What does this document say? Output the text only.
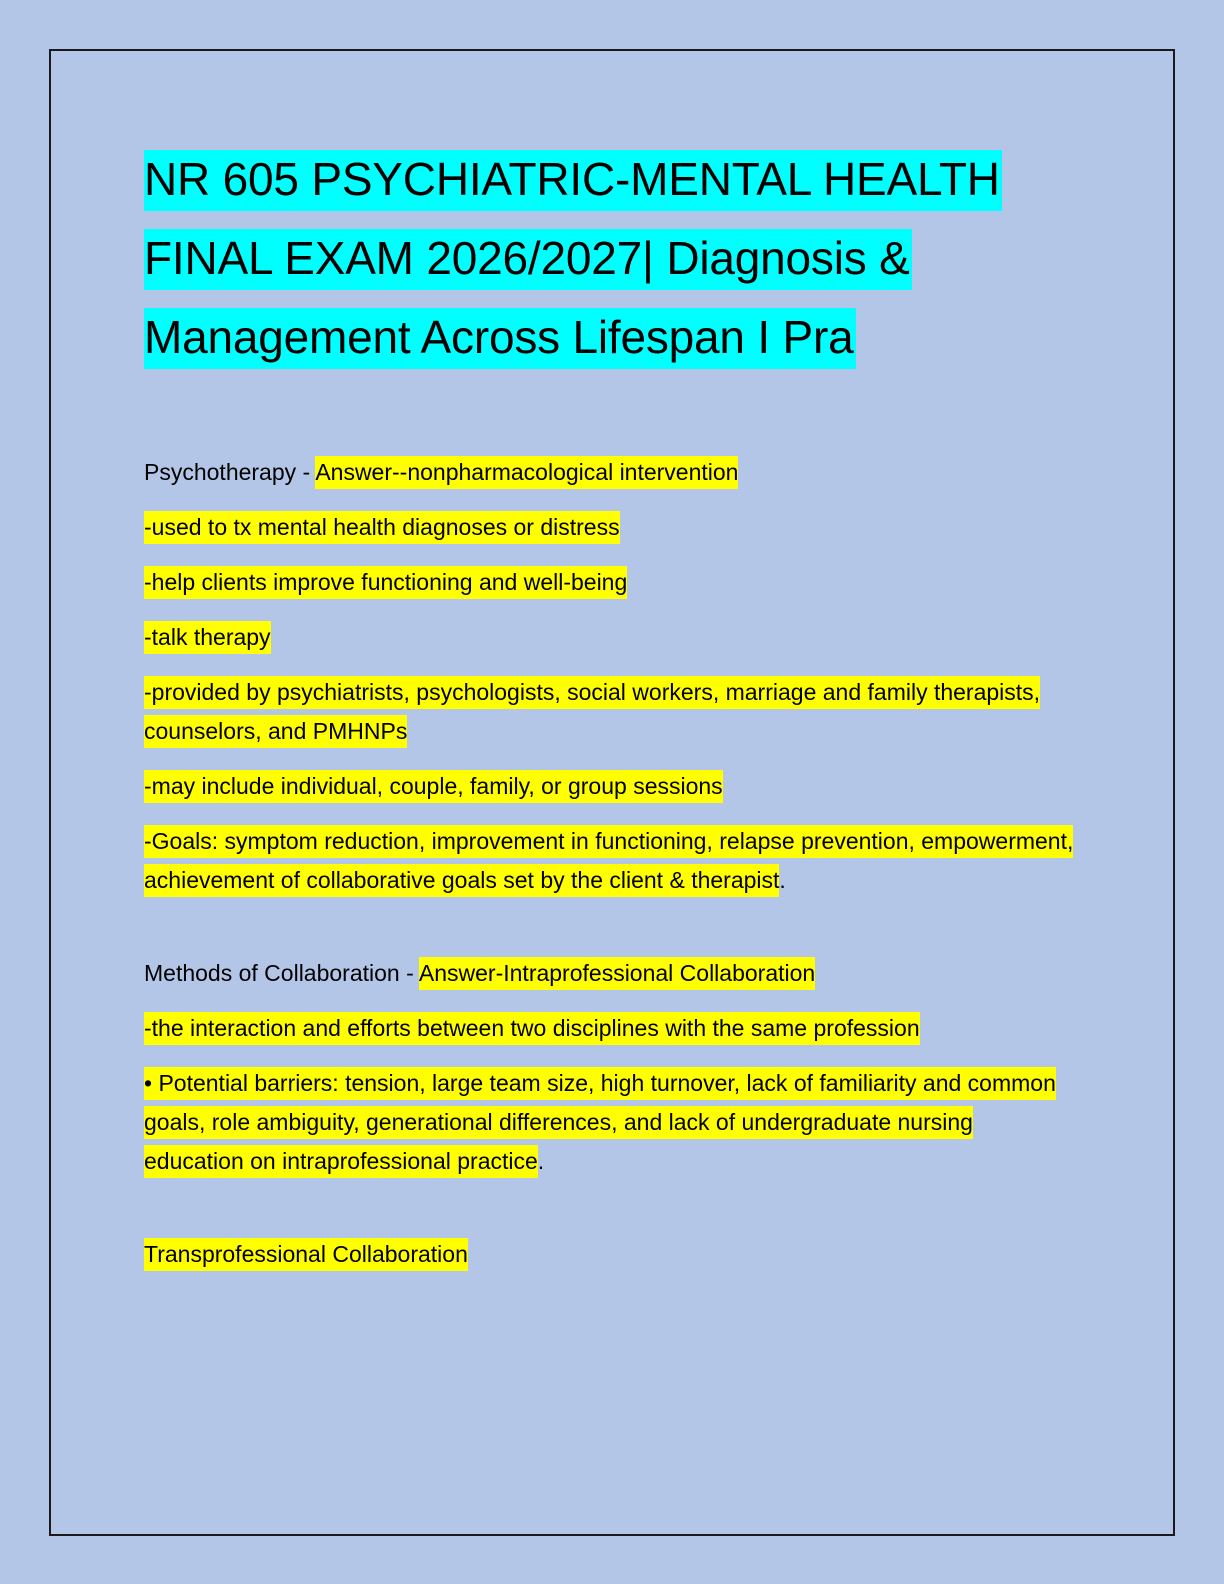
NR 605 PSYCHIATRIC-MENTAL HEALTH
FINAL EXAM 2026/2027| Diagnosis &
Management Across Lifespan I Pra

Psychotherapy - Answer--nonpharmacological intervention

-used to tx mental health diagnoses or distress

-help clients improve functioning and well-being

-talk therapy

-provided by psychiatrists, psychologists, social workers, marriage and family therapists, counselors, and PMHNPs

-may include individual, couple, family, or group sessions

-Goals: symptom reduction, improvement in functioning, relapse prevention, empowerment, achievement of collaborative goals set by the client & therapist.

Methods of Collaboration - Answer-Intraprofessional Collaboration

-the interaction and efforts between two disciplines with the same profession

• Potential barriers: tension, large team size, high turnover, lack of familiarity and common goals, role ambiguity, generational differences, and lack of undergraduate nursing education on intraprofessional practice.

Transprofessional Collaboration
